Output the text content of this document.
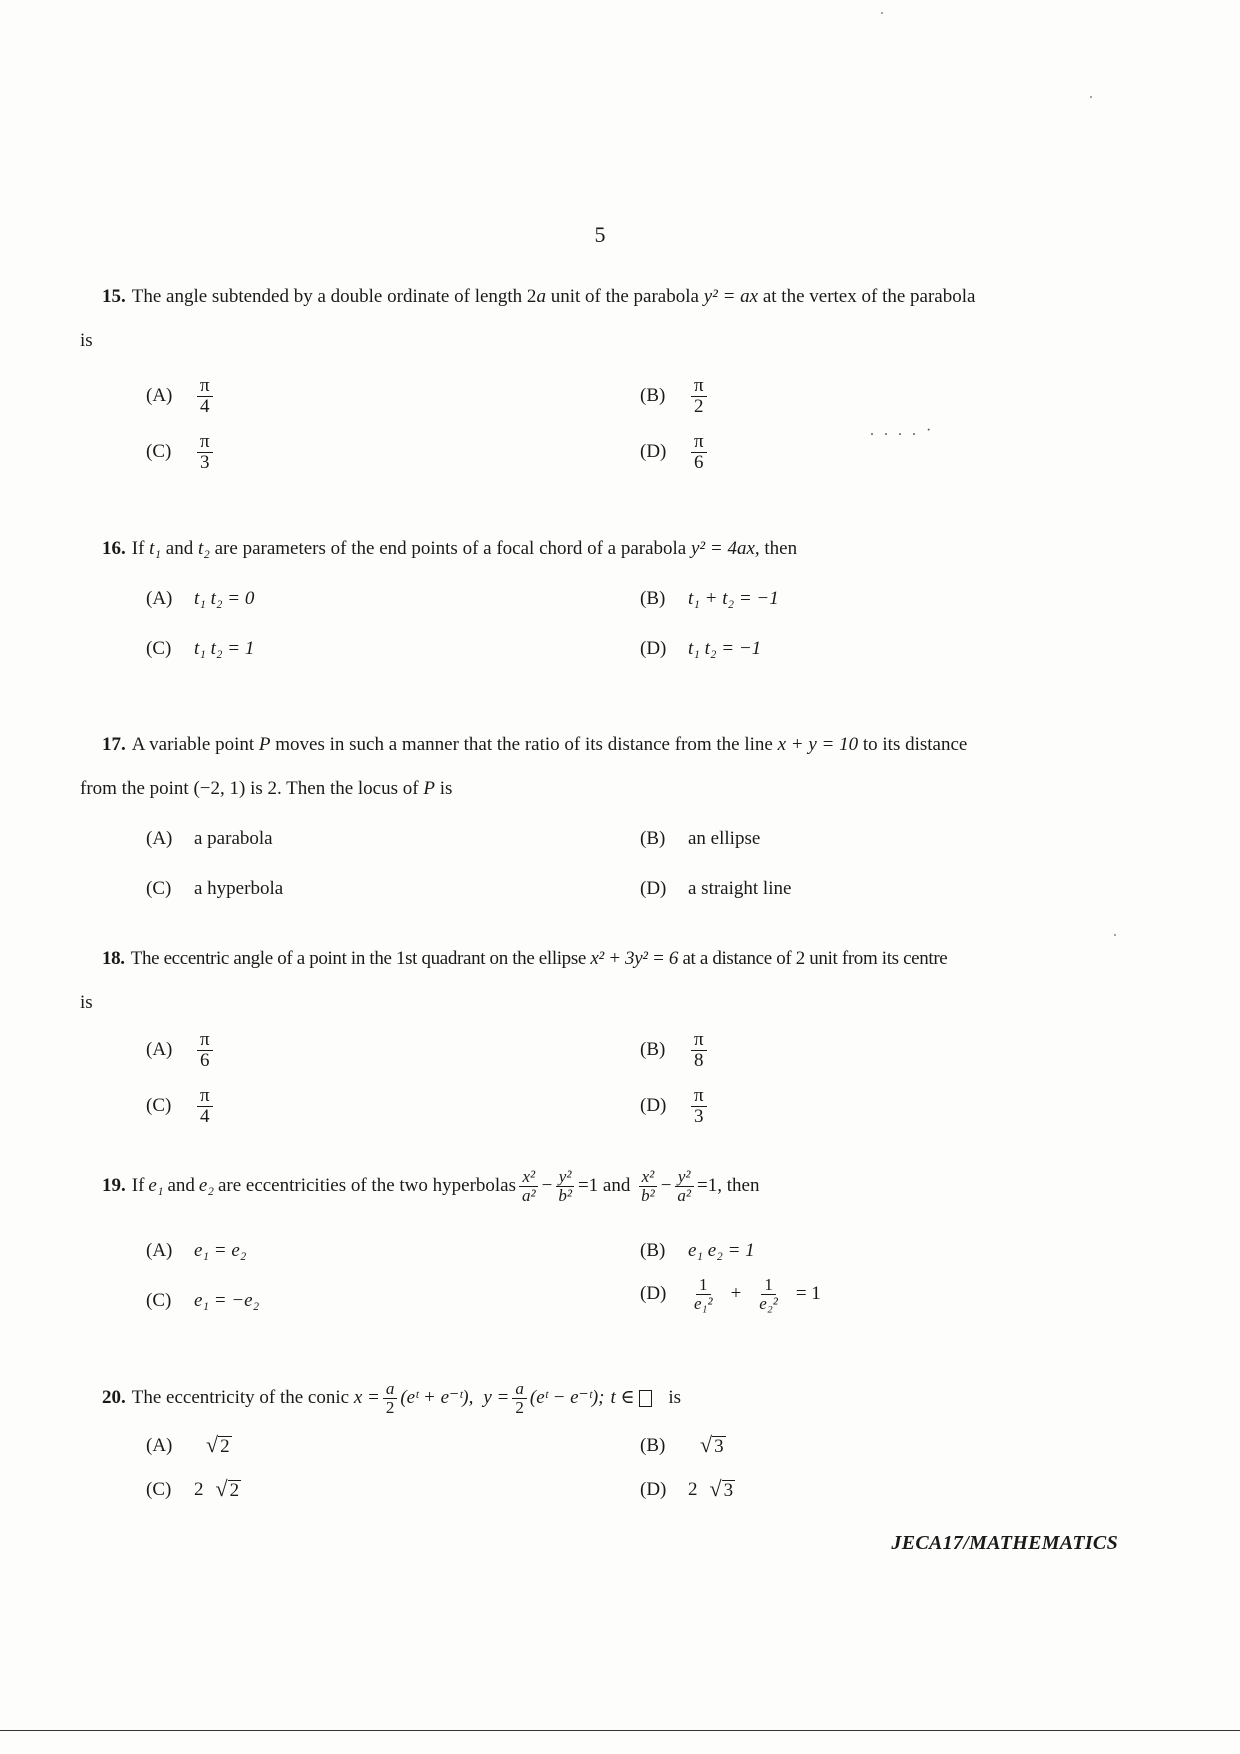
5
15. The angle subtended by a double ordinate of length 2a unit of the parabola y² = ax at the vertex of the parabola
is
(A)	$\frac{\pi}{4}$	(B)	$\frac{\pi}{2}$
(C)	$\frac{\pi}{3}$	(D)	$\frac{\pi}{6}$
. . . . ·
16. If t₁ and t₂ are parameters of the end points of a focal chord of a parabola y² = 4ax, then
(A)	t₁ t₂ = 0	(B)	t₁ + t₂ = −1
(C)	t₁ t₂ = 1	(D)	t₁ t₂ = −1
17. A variable point P moves in such a manner that the ratio of its distance from the line x + y = 10 to its distance
from the point (−2, 1) is 2. Then the locus of P is
(A)	a parabola	(B)	an ellipse
(C)	a hyperbola	(D)	a straight line
18. The eccentric angle of a point in the 1st quadrant on the ellipse x² + 3y² = 6 at a distance of 2 unit from its centre
is
(A)	$\frac{\pi}{6}$	(B)	$\frac{\pi}{8}$
(C)	$\frac{\pi}{4}$	(D)	$\frac{\pi}{3}$
19. If e₁ and e₂ are eccentricities of the two hyperbolas $\frac{\text{x²}}{\text{a²}} - \frac{\text{y²}}{\text{b²}} =1$ and $\frac{\text{x²}}{\text{b²}} - \frac{\text{y²}}{\text{a²}} =1$, then
(A)	e₁ = e₂	(B)	e₁ e₂ = 1
(C)	e₁ = −e₂	(D)	$\frac{1}{\text{e₁²}} + \frac{1}{\text{e₂²}} = 1$
20. The eccentricity of the conic $x = \frac{a}{2}$ (eᵗ + e⁻ᵗ), $y = \frac{a}{2}$ (eᵗ − e⁻ᵗ); t ∈ is
(A)	√ 2	(B)	√ 3
(C)	2 √ 2	(D)	2 √ 3
JECA17/MATHEMATICS
